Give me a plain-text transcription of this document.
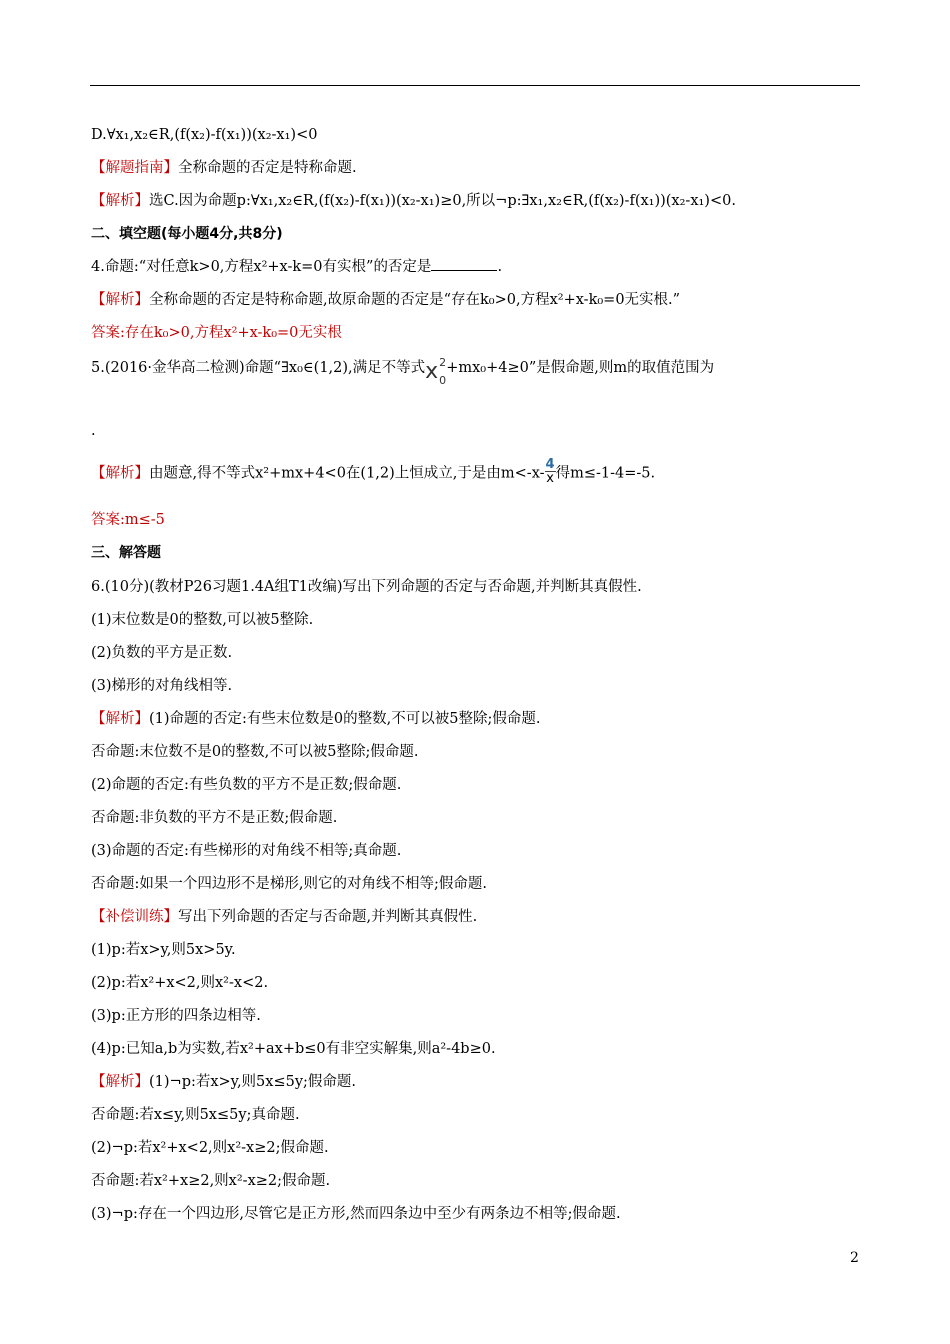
D.∀x₁,x₂∈R,(f(x₂)-f(x₁))(x₂-x₁)<0
【解题指南】全称命题的否定是特称命题.
【解析】选C.因为命题p:∀x₁,x₂∈R,(f(x₂)-f(x₁))(x₂-x₁)≥0,所以¬p:∃x₁,x₂∈R,(f(x₂)-f(x₁))(x₂-x₁)<0.
二、填空题(每小题4分,共8分)
4.命题:“对任意k>0,方程x²+x-k=0有实根”的否定是	.
【解析】全称命题的否定是特称命题,故原命题的否定是“存在k₀>0,方程x²+x-k₀=0无实根.”
答案:存在k₀>0,方程x²+x-k₀=0无实根
5.(2016·金华高二检测)命题“∃x₀∈(1,2),满足不等式x 2
0
+mx₀+4≥0”是假命题,则m的取值范围为
.
【解析】由题意,得不等式x²+mx+4<0在(1,2)上恒成立,于是由$m<-x- \frac{4}{x}$ 得m≤-1-4=-5.
答案:m≤-5
三、解答题
6.(10分)(教材P26习题1.4A组T1改编)写出下列命题的否定与否命题,并判断其真假性.
(1)末位数是0的整数,可以被5整除.
(2)负数的平方是正数.
(3)梯形的对角线相等.
【解析】(1)命题的否定:有些末位数是0的整数,不可以被5整除;假命题.
否命题:末位数不是0的整数,不可以被5整除;假命题.
(2)命题的否定:有些负数的平方不是正数;假命题.
否命题:非负数的平方不是正数;假命题.
(3)命题的否定:有些梯形的对角线不相等;真命题.
否命题:如果一个四边形不是梯形,则它的对角线不相等;假命题.
【补偿训练】写出下列命题的否定与否命题,并判断其真假性.
(1)p:若x>y,则5x>5y.
(2)p:若x²+x<2,则x²-x<2.
(3)p:正方形的四条边相等.
(4)p:已知a,b为实数,若x²+ax+b≤0有非空实解集,则a²-4b≥0.
【解析】(1)¬p:若x>y,则5x≤5y;假命题.
否命题:若x≤y,则5x≤5y;真命题.
(2)¬p:若x²+x<2,则x²-x≥2;假命题.
否命题:若x²+x≥2,则x²-x≥2;假命题.
(3)¬p:存在一个四边形,尽管它是正方形,然而四条边中至少有两条边不相等;假命题.
2
